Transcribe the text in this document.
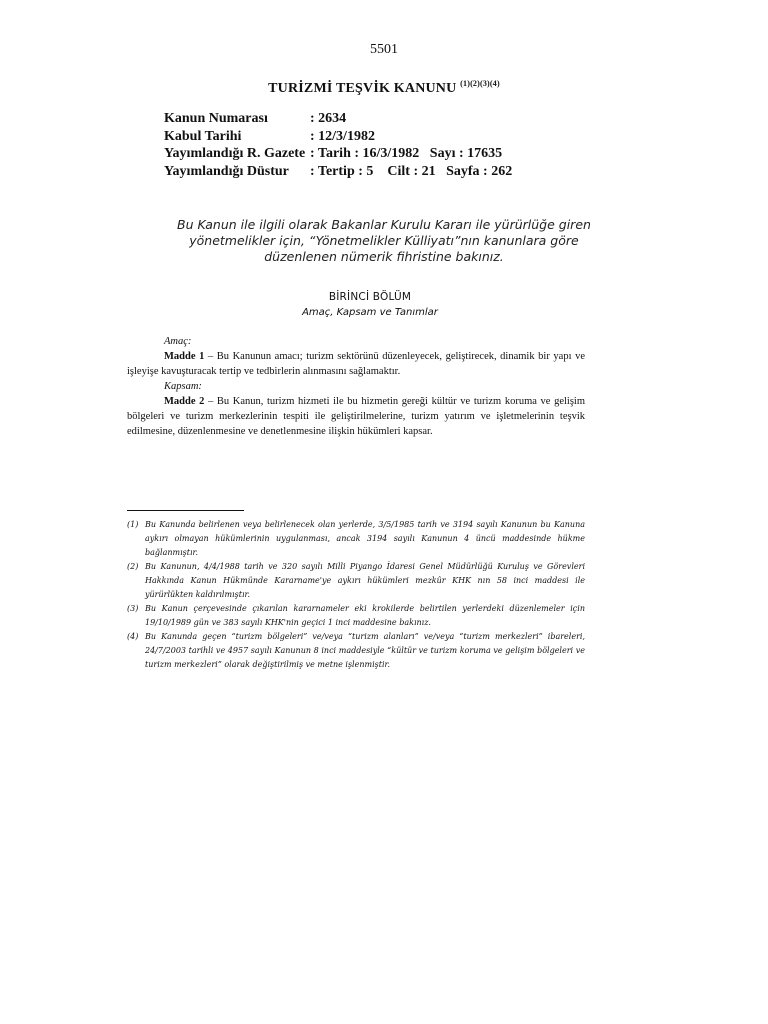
5501
TURİZMİ TEŞVİK KANUNU $^{(1)(2)(3)(4)}$
Kanun Numarası	: 2634
Kabul Tarihi	: 12/3/1982
Yayımlandığı R. Gazete : Tarih : 16/3/1982   Sayı : 17635
Yayımlandığı Düstur	: Tertip : 5    Cilt : 21   Sayfa : 262
Bu Kanun ile ilgili olarak Bakanlar Kurulu Kararı ile yürürlüğe giren
yönetmelikler için, “Yönetmelikler Külliyatı”nın kanunlara göre
düzenlenen nümerik fihristine bakınız.
BİRİNCİ BÖLÜM
Amaç, Kapsam ve Tanımlar
Amaç:
Madde 1 – Bu Kanunun amacı; turizm sektörünü düzenleyecek, geliştirecek, dinamik bir yapı ve işleyişe kavuşturacak tertip ve tedbirlerin alınmasını sağlamaktır.
Kapsam:
Madde 2 – Bu Kanun, turizm hizmeti ile bu hizmetin gereği kültür ve turizm koruma ve gelişim bölgeleri ve turizm merkezlerinin tespiti ile geliştirilmelerine, turizm yatırım ve işletmelerinin teşvik edilmesine, düzenlenmesine ve denetlenmesine ilişkin hükümleri kapsar.
(1) Bu Kanunda belirlenen veya belirlenecek olan yerlerde, 3/5/1985 tarih ve 3194 sayılı Kanunun bu Kanuna aykırı olmayan hükümlerinin uygulanması, ancak 3194 sayılı Kanunun 4 üncü maddesinde hükme bağlanmıştır.
(2) Bu Kanunun, 4/4/1988 tarih ve 320 sayılı Milli Piyango İdaresi Genel Müdürlüğü Kuruluş ve Görevleri Hakkında Kanun Hükmünde Kararname'ye aykırı hükümleri mezkûr KHK nın 58 inci maddesi ile yürürlükten kaldırılmıştır.
(3) Bu Kanun çerçevesinde çıkarılan kararnameler eki krokilerde belirtilen yerlerdeki düzenlemeler için 19/10/1989 gün ve 383 sayılı KHK'nin geçici 1 inci maddesine bakınız.
(4) Bu Kanunda geçen “turizm bölgeleri” ve/veya “turizm alanları” ve/veya “turizm merkezleri” ibareleri, 24/7/2003 tarihli ve 4957 sayılı Kanunun 8 inci maddesiyle “kültür ve turizm koruma ve gelişim bölgeleri ve turizm merkezleri” olarak değiştirilmiş ve metne işlenmiştir.
